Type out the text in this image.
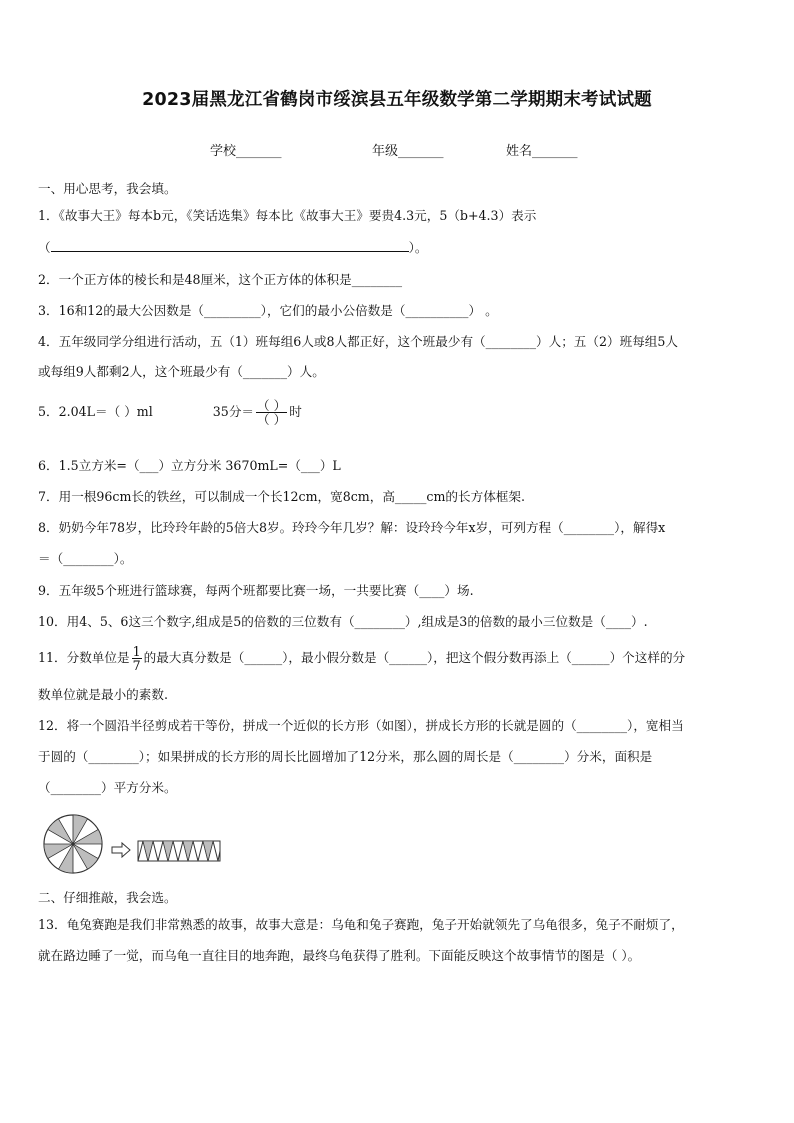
2023届黑龙江省鹤岗市绥滨县五年级数学第二学期期末考试试题
学校_______	年级_______	姓名_______
一、用心思考，我会填。
1．《故事大王》每本b元，《笑话选集》每本比《故事大王》要贵4.3元，5（b+4.3）表示
（	）。
2．一个正方体的棱长和是48厘米，这个正方体的体积是________
3．16和12的最大公因数是（_________），它们的最小公倍数是（__________） 。
4．五年级同学分组进行活动，五（1）班每组6人或8人都正好，这个班最少有（________）人；五（2）班每组5人
或每组9人都剩2人，这个班最少有（_______）人。
5．2.04L＝（ ）ml	35分＝ $\frac{( )}{( )}$ 时
6．1.5立方米=（___）立方分米 3670mL=（___）L
7．用一根96cm长的铁丝，可以制成一个长12cm，宽8cm，高_____cm的长方体框架.
8．奶奶今年78岁，比玲玲年龄的5倍大8岁。玲玲今年几岁？解：设玲玲今年x岁，可列方程（________），解得x
＝（________）。
9．五年级5个班进行篮球赛，每两个班都要比赛一场，一共要比赛（____）场.
10．用4、5、6这三个数字,组成是5的倍数的三位数有（________）,组成是3的倍数的最小三位数是（____）.
11．分数单位是 $\frac{1}{7}$ 的最大真分数是（______），最小假分数是（______），把这个假分数再添上（______）个这样的分
数单位就是最小的素数.
12．将一个圆沿半径剪成若干等份，拼成一个近似的长方形（如图），拼成长方形的长就是圆的（________），宽相当
于圆的（________）；如果拼成的长方形的周长比圆增加了12分米，那么圆的周长是（________）分米，面积是
（________）平方分米。
二、仔细推敲，我会选。
13．龟兔赛跑是我们非常熟悉的故事，故事大意是：乌龟和兔子赛跑，兔子开始就领先了乌龟很多，兔子不耐烦了，
就在路边睡了一觉，而乌龟一直往目的地奔跑，最终乌龟获得了胜利。下面能反映这个故事情节的图是（ ）。
